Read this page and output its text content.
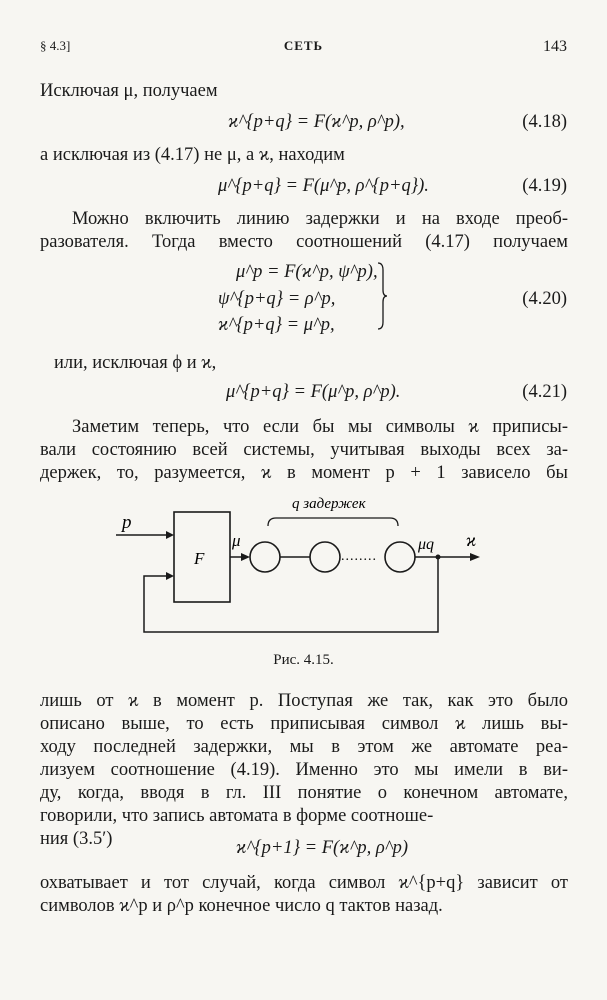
§ 4.3]	СЕТЬ	143
Исключая μ, получаем
ϰ^{p+q} = F(ϰ^p, ρ^p),	(4.18)
а исключая из (4.17) не μ, а ϰ, находим
μ^{p+q} = F(μ^p, ρ^{p+q}).	(4.19)
Можно включить линию задержки и на входе преоб-
разователя. Тогда вместо соотношений (4.17) получаем
μ^p = F(ϰ^p, ψ^p),
ψ^{p+q} = ρ^p,
ϰ^{p+q} = μ^p,
(4.20)
или, исключая ϕ и ϰ,
μ^{p+q} = F(μ^p, ρ^p).	(4.21)
Заметим теперь, что если бы мы символы ϰ приписы-
вали состоянию всей системы, учитывая выходы всех за-
держек, то, разумеется, ϰ в момент p + 1 зависело бы
p
F
μ
........
q задержек
μq ϰ
Рис. 4.15.
лишь от ϰ в момент p. Поступая же так, как это было
описано выше, то есть приписывая символ ϰ лишь вы-
ходу последней задержки, мы в этом же автомате реа-
лизуем соотношение (4.19). Именно это мы имели в ви-
ду, когда, вводя в гл. III понятие о конечном автомате,
говорили, что запись автомата в форме соотноше-
ния (3.5′)	ϰ^{p+1} = F(ϰ^p, ρ^p)
охватывает и тот случай, когда символ ϰ^{p+q} зависит от
символов ϰ^p и ρ^p конечное число q тактов назад.
